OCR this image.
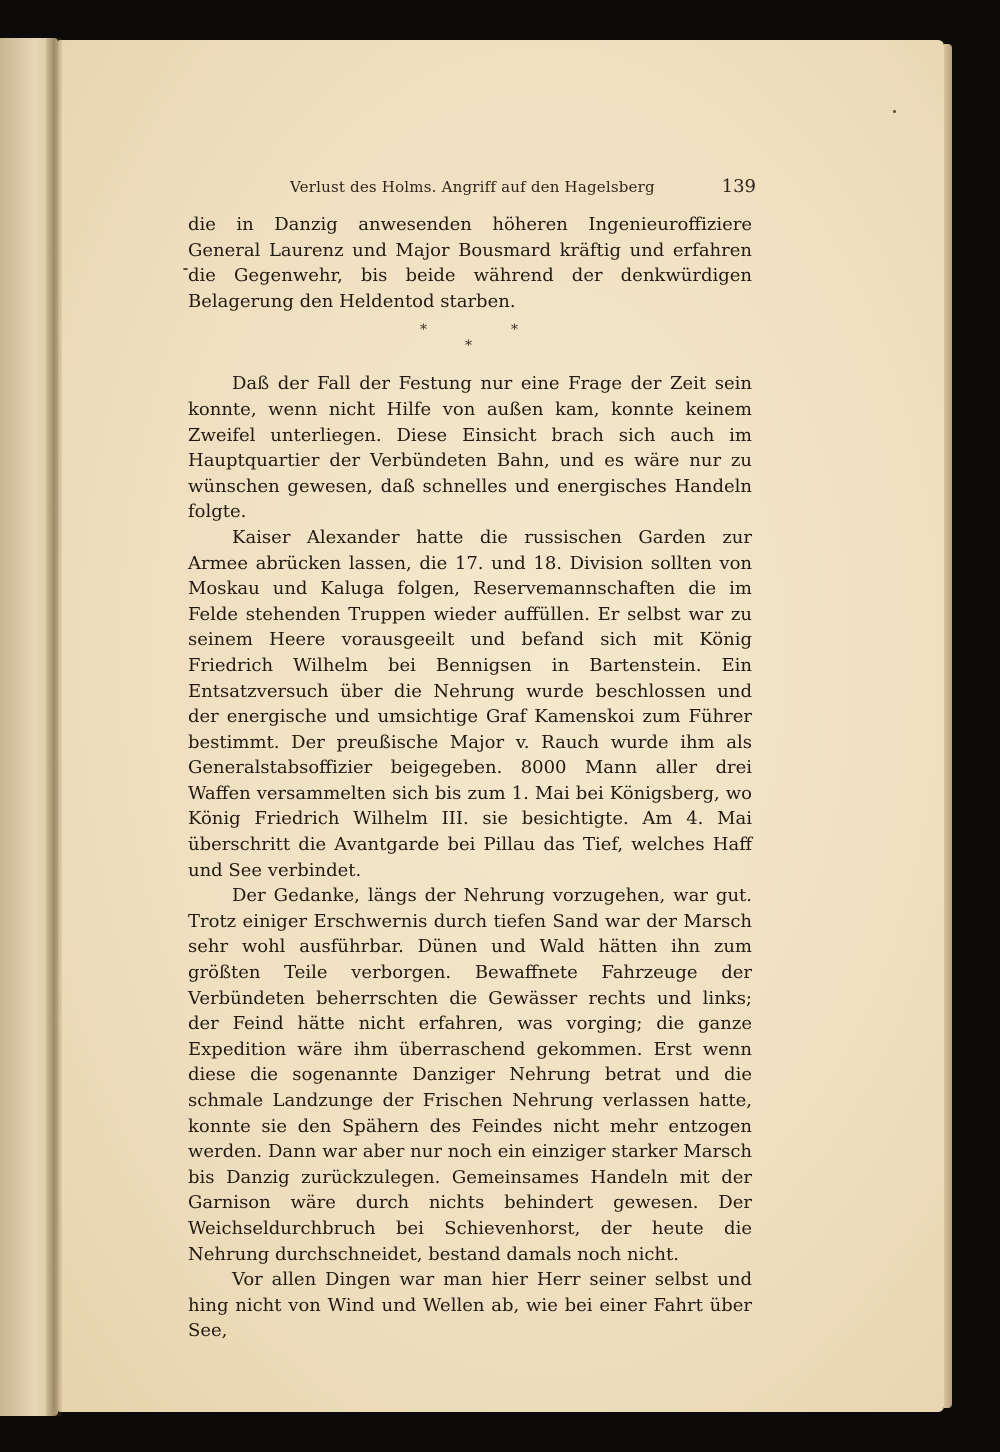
Verlust des Holms. Angriff auf den Hagelsberg	139

die in Danzig anwesenden höheren Ingenieuroffiziere General Laurenz und Major Bousmard kräftig und erfahren die Gegenwehr, bis beide während der denkwürdigen Belagerung den Heldentod starben.

*	*
*

Daß der Fall der Festung nur eine Frage der Zeit sein konnte, wenn nicht Hilfe von außen kam, konnte keinem Zweifel unterliegen. Diese Einsicht brach sich auch im Hauptquartier der Verbündeten Bahn, und es wäre nur zu wünschen gewesen, daß schnelles und energisches Handeln folgte.

Kaiser Alexander hatte die russischen Garden zur Armee abrücken lassen, die 17. und 18. Division sollten von Moskau und Kaluga folgen, Reservemannschaften die im Felde stehenden Truppen wieder auffüllen. Er selbst war zu seinem Heere vorausgeeilt und befand sich mit König Friedrich Wilhelm bei Bennigsen in Bartenstein. Ein Entsatzversuch über die Nehrung wurde beschlossen und der energische und umsichtige Graf Kamenskoi zum Führer bestimmt. Der preußische Major v. Rauch wurde ihm als Generalstabsoffizier beigegeben. 8000 Mann aller drei Waffen versammelten sich bis zum 1. Mai bei Königsberg, wo König Friedrich Wilhelm III. sie besichtigte. Am 4. Mai überschritt die Avantgarde bei Pillau das Tief, welches Haff und See verbindet.

Der Gedanke, längs der Nehrung vorzugehen, war gut. Trotz einiger Erschwernis durch tiefen Sand war der Marsch sehr wohl ausführbar. Dünen und Wald hätten ihn zum größten Teile verborgen. Bewaffnete Fahrzeuge der Verbündeten beherrschten die Gewässer rechts und links; der Feind hätte nicht erfahren, was vorging; die ganze Expedition wäre ihm überraschend gekommen. Erst wenn diese die sogenannte Danziger Nehrung betrat und die schmale Landzunge der Frischen Nehrung verlassen hatte, konnte sie den Spähern des Feindes nicht mehr entzogen werden. Dann war aber nur noch ein einziger starker Marsch bis Danzig zurückzulegen. Gemeinsames Handeln mit der Garnison wäre durch nichts behindert gewesen. Der Weichseldurchbruch bei Schievenhorst, der heute die Nehrung durchschneidet, bestand damals noch nicht.

Vor allen Dingen war man hier Herr seiner selbst und hing nicht von Wind und Wellen ab, wie bei einer Fahrt über See,
